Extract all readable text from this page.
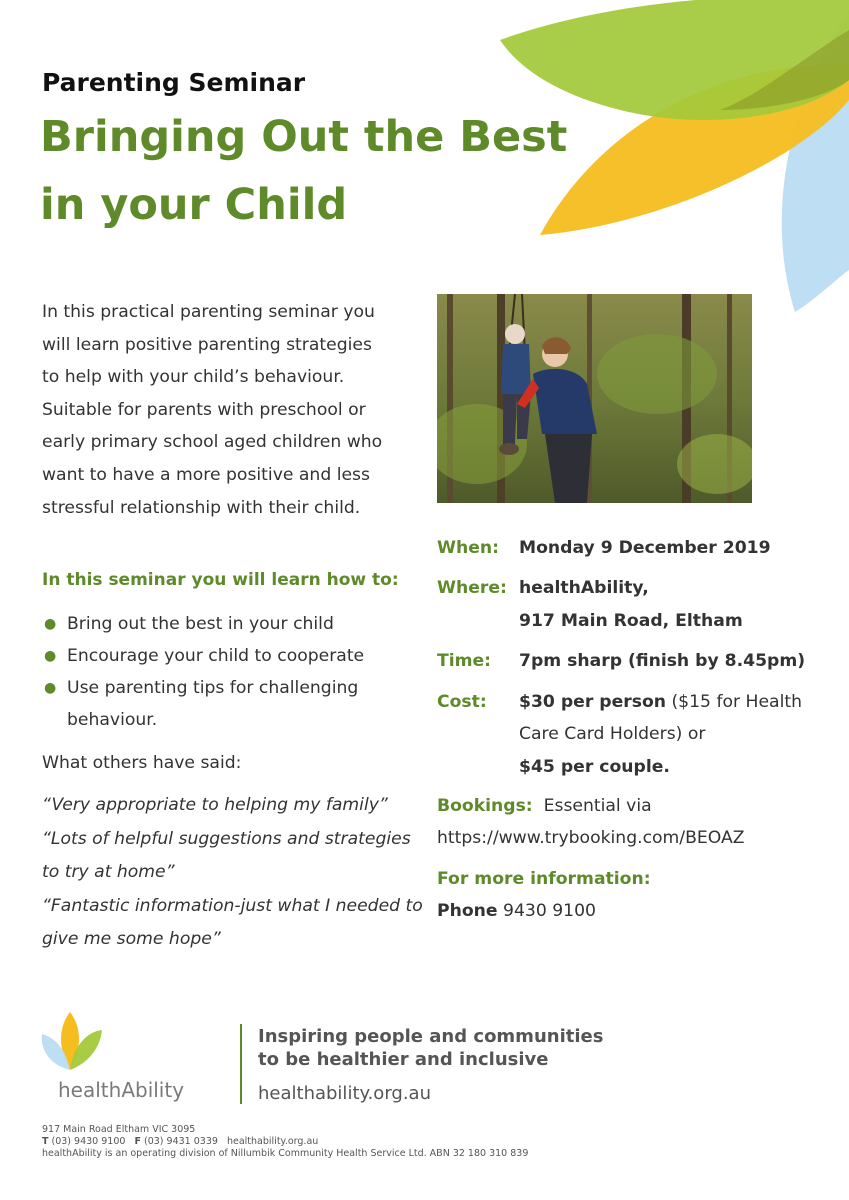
Parenting Seminar
Bringing Out the Best
in your Child
In this practical parenting seminar you
will learn positive parenting strategies
to help with your child’s behaviour.
Suitable for parents with preschool or
early primary school aged children who
want to have a more positive and less
stressful relationship with their child.
In this seminar you will learn how to:
● Bring out the best in your child
● Encourage your child to cooperate
● Use parenting tips for challenging behaviour.
What others have said:
“Very appropriate to helping my family”
“Lots of helpful suggestions and strategies to try at home”
“Fantastic information-just what I needed to give me some hope”
When: Monday 9 December 2019
Where: healthAbility,
917 Main Road, Eltham
Time: 7pm sharp (finish by 8.45pm)
Cost: $30 per person ($15 for Health
Care Card Holders) or
$45 per couple.
Bookings: Essential via
https://www.trybooking.com/BEOAZ
For more information:
Phone 9430 9100
healthAbility
Inspiring people and communities
to be healthier and inclusive
healthability.org.au
917 Main Road Eltham VIC 3095
T (03) 9430 9100 F (03) 9431 0339 healthability.org.au
healthAbility is an operating division of Nillumbik Community Health Service Ltd. ABN 32 180 310 839
